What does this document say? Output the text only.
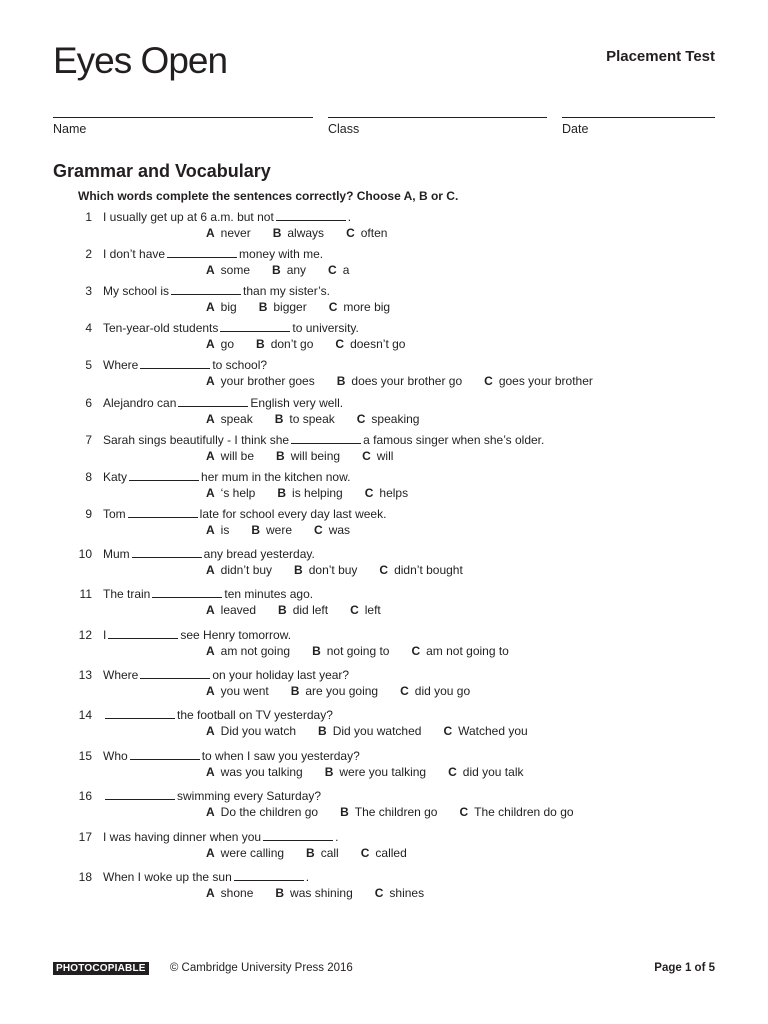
Eyes Open	Placement Test
Name	Class	Date
Grammar and Vocabulary
Which words complete the sentences correctly? Choose A, B or C.
1 I usually get up at 6 a.m. but not	.
A never B always C often
2 I don’t have	money with me.
A some B any C a
3 My school is	than my sister’s.
A big B bigger C more big
4 Ten-year-old students	to university.
A go B don’t go C doesn’t go
5 Where	to school?
A your brother goes B does your brother go C goes your brother
6 Alejandro can	English very well.
A speak B to speak C speaking
7 Sarah sings beautifully - I think she	a famous singer when she’s older.
A will be B will being C will
8 Katy	her mum in the kitchen now.
A ‘s help B is helping C helps
9 Tom	late for school every day last week.
A is B were C was
10 Mum	any bread yesterday.
A didn’t buy B don’t buy C didn’t bought
11 The train	ten minutes ago.
A leaved B did left C left
12 I	see Henry tomorrow.
A am not going B not going to C am not going to
13 Where	on your holiday last year?
A you went B are you going C did you go
14	the football on TV yesterday?
A Did you watch B Did you watched C Watched you
15 Who	to when I saw you yesterday?
A was you talking B were you talking C did you talk
16	swimming every Saturday?
A Do the children go B The children go C The children do go
17 I was having dinner when you	.
A were calling B call C called
18 When I woke up the sun	.
A shone B was shining C shines
PHOTOCOPIABLE © Cambridge University Press 2016	Page 1 of 5
